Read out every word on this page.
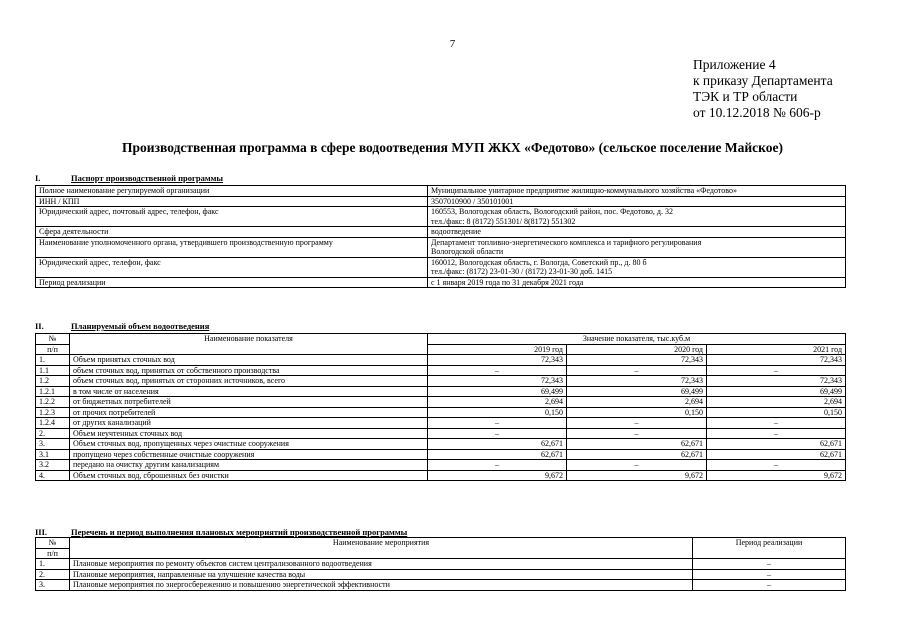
7
Приложение 4
к приказу Департамента
ТЭК и ТР области
от 10.12.2018 № 606-р
Производственная программа в сфере водоотведения МУП ЖКХ «Федотово» (сельское поселение Майское)
I.	Паспорт производственной программы
Полное наименование регулируемой организации	Муниципальное унитарное предприятие жилищно-коммунального хозяйства «Федотово»

ИНН / КПП	3507010900 / 350101001

Юридический адрес, почтовый адрес, телефон, факс	160553, Вологодская область, Вологодский район, пос. Федотово, д. 32
тел./факс: 8 (8172) 551301/ 8(8172) 551302

Сфера деятельности	водоотведение

Наименование уполномоченного органа, утвердившего производственную программу	Департамент топливно-энергетического комплекса и тарифного регулирования
Вологодской области

Юридический адрес, телефон, факс	160012, Вологодская область, г. Вологда, Советский пр., д. 80 б
тел./факс: (8172) 23-01-30 / (8172) 23-01-30 доб. 1415

Период реализации	с 1 января 2019 года по 31 декабря 2021 года
II.	Планируемый объем водоотведения
№	Наименование показателя	Значение показателя, тыс.куб.м		
п/п		2019 год	2020 год	2021 год
1.	Объем принятых сточных вод	72,343	72,343	72,343
1.1	объем сточных вод, принятых от собственного производства	–	–	–
1.2	объем сточных вод, принятых от сторонних источников, всего	72,343	72,343	72,343
1.2.1	в том числе от населения	69,499	69,499	69,499
1.2.2	от бюджетных потребителей	2,694	2,694	2,694
1.2.3	от прочих потребителей	0,150	0,150	0,150
1.2.4	от других канализаций	–	–	–
2.	Объем неучтенных сточных вод	–	–	–
3.	Объем сточных вод, пропущенных через очистные сооружения	62,671	62,671	62,671
3.1	пропущено через собственные очистные сооружения	62,671	62,671	62,671
3.2	передано на очистку другим канализациям	–	–	–
4.	Объем сточных вод, сброшенных без очистки	9,672	9,672	9,672
III.	Перечень и период выполнения плановых мероприятий производственной программы
№	Наименование мероприятия	Период реализации
п/п		
1.	Плановые мероприятия по ремонту объектов систем централизованного водоотведения	–
2.	Плановые мероприятия, направленные на улучшение качества воды	–
3.	Плановые мероприятия по энергосбережению и повышению энергетической эффективности	–
